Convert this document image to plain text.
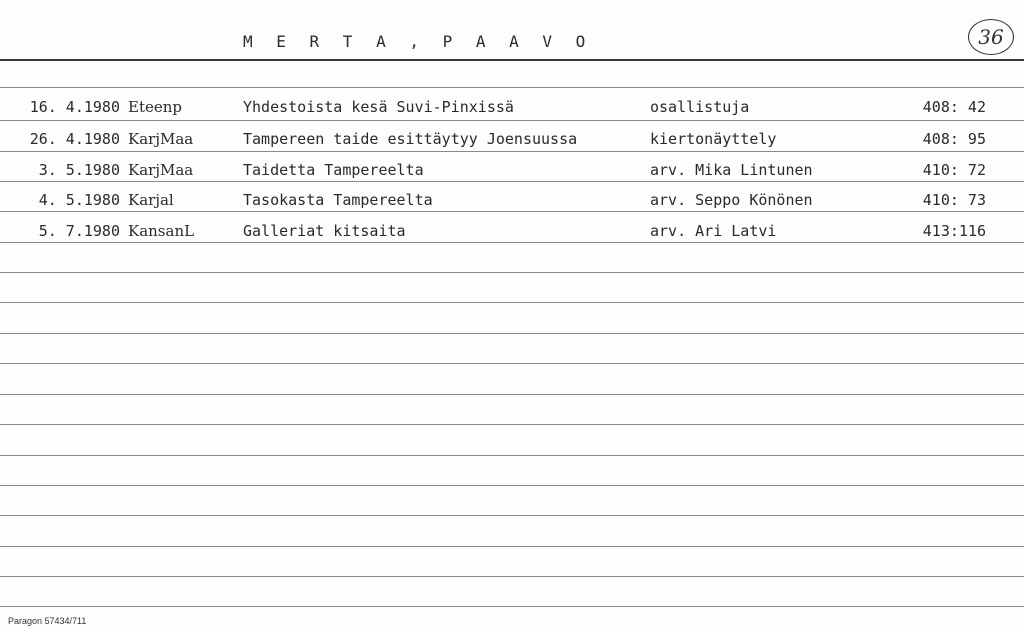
M E R T A , P A A V O	36
16. 4.1980 Eteenp	Yhdestoista kesä Suvi-Pinxissä	osallistuja	408: 42
26. 4.1980 KarjMaa	Tampereen taide esittäytyy Joensuussa	kiertonäyttely	408: 95
3. 5.1980 KarjMaa	Taidetta Tampereelta	arv. Mika Lintunen	410: 72
4. 5.1980 Karjal	Tasokasta Tampereelta	arv. Seppo Könönen	410: 73
5. 7.1980 KansanL	Galleriat kitsaita	arv. Ari Latvi	413:116
Paragon 57434/711
